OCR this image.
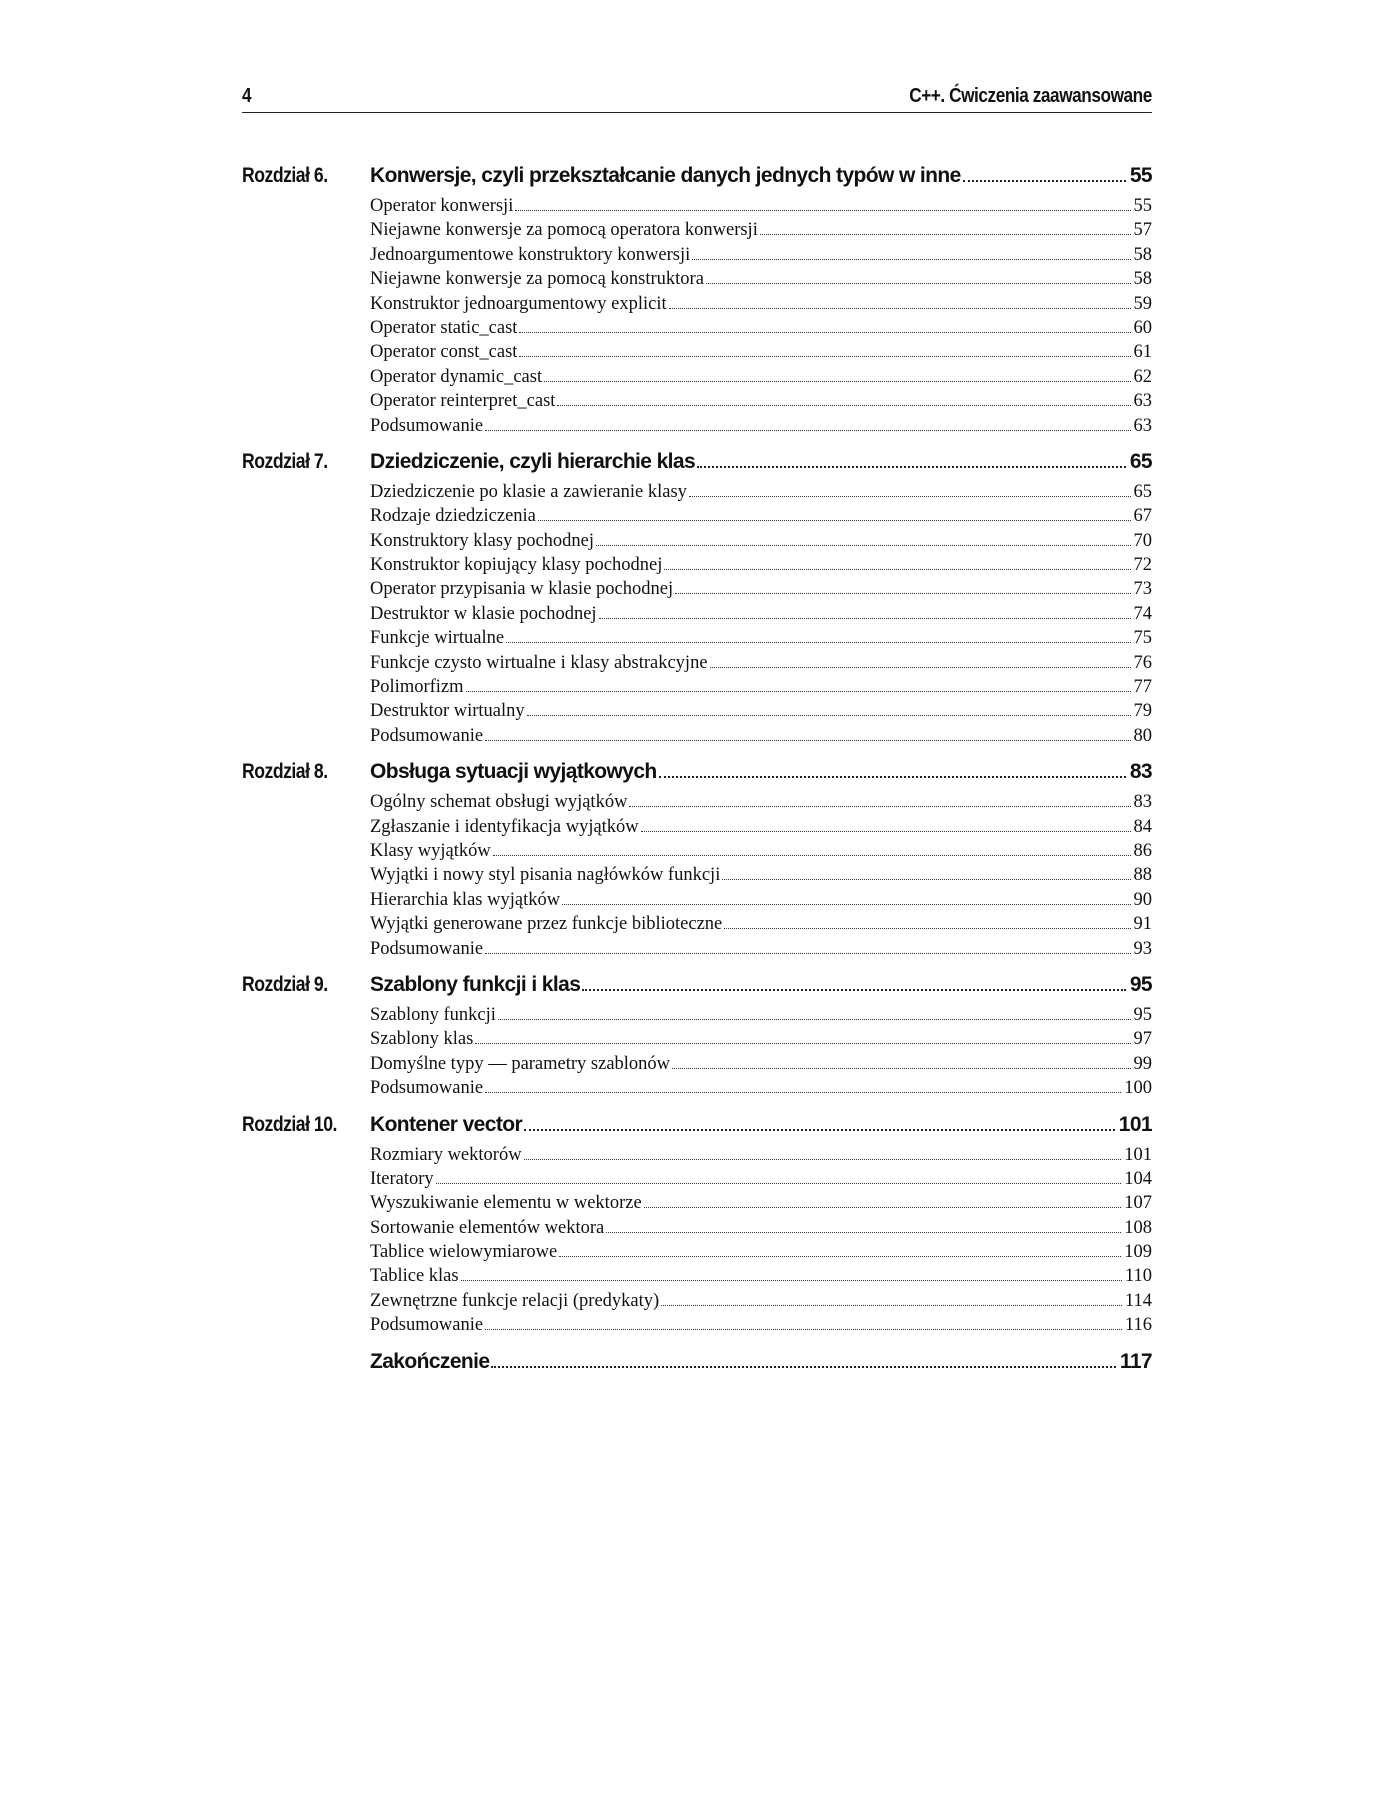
4	C++. Ćwiczenia zaawansowane
Rozdział 6. Konwersje, czyli przekształcanie danych jednych typów w inne	55
Operator konwersji	55
Niejawne konwersje za pomocą operatora konwersji	57
Jednoargumentowe konstruktory konwersji	58
Niejawne konwersje za pomocą konstruktora	58
Konstruktor jednoargumentowy explicit	59
Operator static_cast	60
Operator const_cast	61
Operator dynamic_cast	62
Operator reinterpret_cast	63
Podsumowanie	63
Rozdział 7. Dziedziczenie, czyli hierarchie klas	65
Dziedziczenie po klasie a zawieranie klasy	65
Rodzaje dziedziczenia	67
Konstruktory klasy pochodnej	70
Konstruktor kopiujący klasy pochodnej	72
Operator przypisania w klasie pochodnej	73
Destruktor w klasie pochodnej	74
Funkcje wirtualne	75
Funkcje czysto wirtualne i klasy abstrakcyjne	76
Polimorfizm	77
Destruktor wirtualny	79
Podsumowanie	80
Rozdział 8. Obsługa sytuacji wyjątkowych	83
Ogólny schemat obsługi wyjątków	83
Zgłaszanie i identyfikacja wyjątków	84
Klasy wyjątków	86
Wyjątki i nowy styl pisania nagłówków funkcji	88
Hierarchia klas wyjątków	90
Wyjątki generowane przez funkcje biblioteczne	91
Podsumowanie	93
Rozdział 9. Szablony funkcji i klas	95
Szablony funkcji	95
Szablony klas	97
Domyślne typy — parametry szablonów	99
Podsumowanie	100
Rozdział 10. Kontener vector	101
Rozmiary wektorów	101
Iteratory	104
Wyszukiwanie elementu w wektorze	107
Sortowanie elementów wektora	108
Tablice wielowymiarowe	109
Tablice klas	110
Zewnętrzne funkcje relacji (predykaty)	114
Podsumowanie	116
Zakończenie	117
